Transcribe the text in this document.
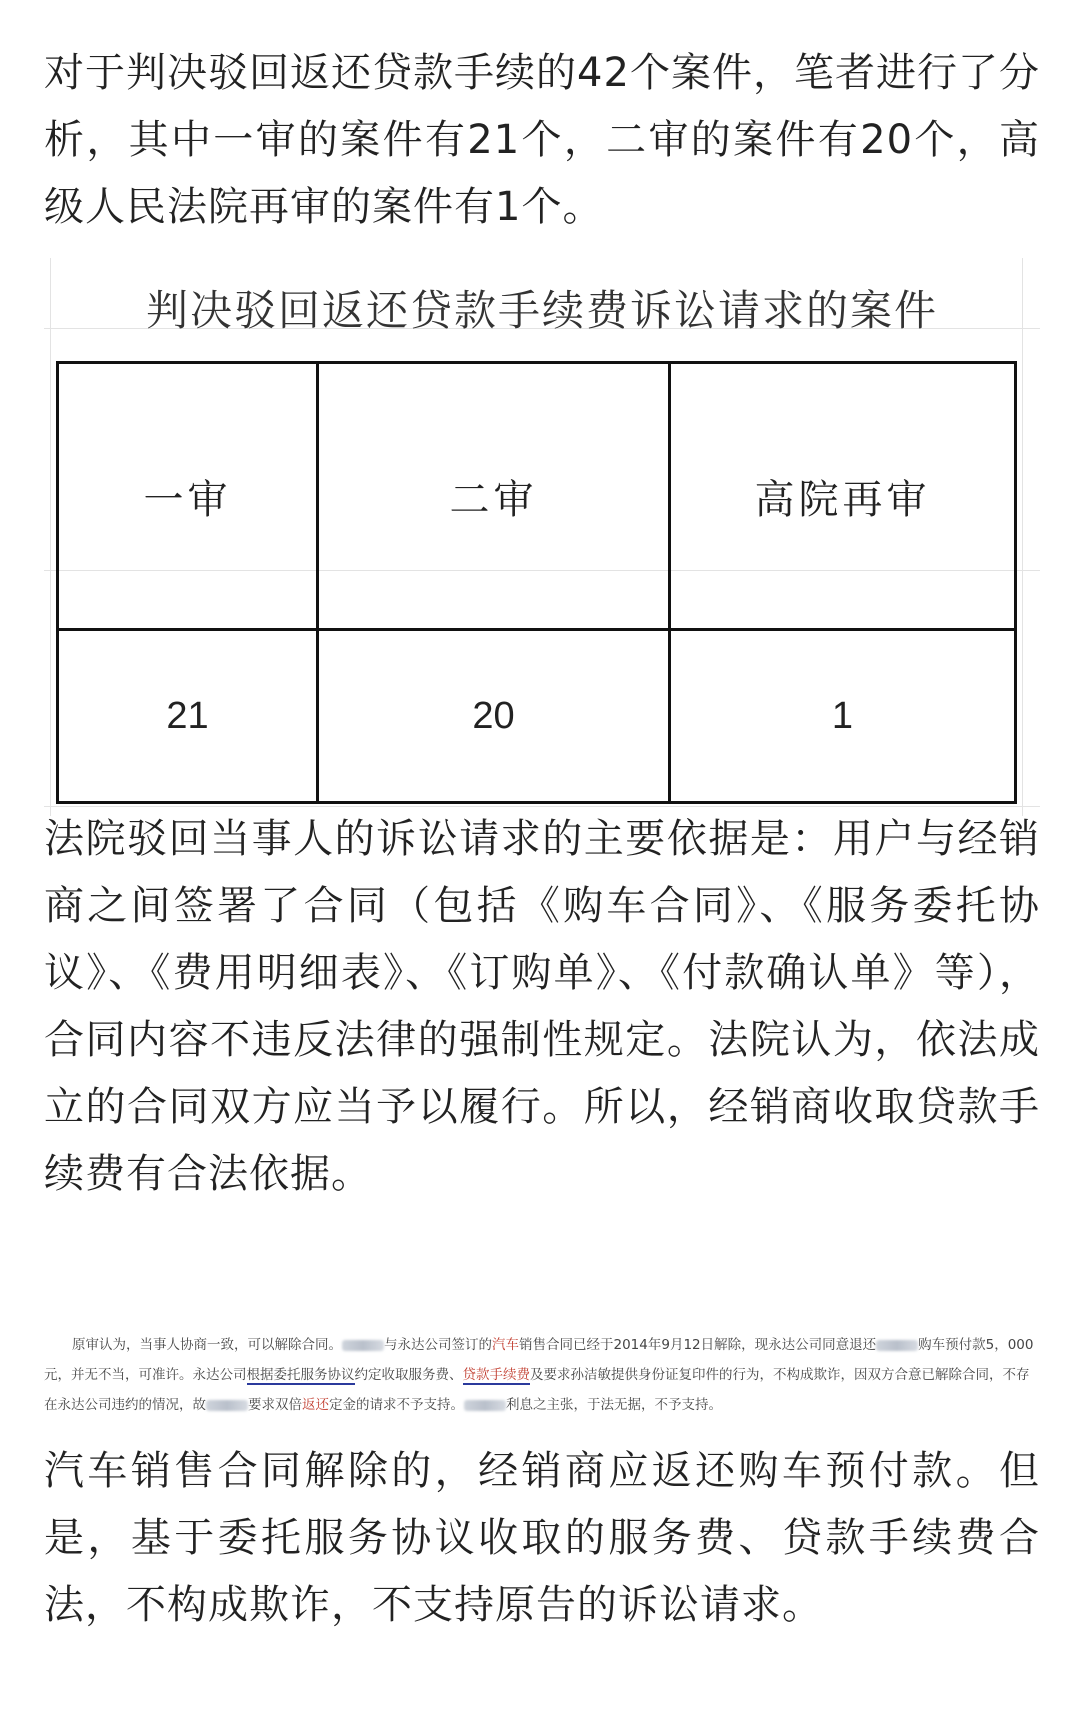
对于判决驳回返还贷款手续的42个案件，笔者进行了分析，其中一审的案件有21个，二审的案件有20个，高级人民法院再审的案件有1个。

判决驳回返还贷款手续费诉讼请求的案件
一审	二审	高院再审
21	20	1

法院驳回当事人的诉讼请求的主要依据是：用户与经销商之间签署了合同（包括《购车合同》、《服务委托协议》、《费用明细表》、《订购单》、《付款确认单》等），合同内容不违反法律的强制性规定。法院认为，依法成立的合同双方应当予以履行。所以，经销商收取贷款手续费有合法依据。

原审认为，当事人协商一致，可以解除合同。	与永达公司签订的汽车销售合同已经于2014年9月12日解除，现永达公司同意退还	购车预付款5，000元，并无不当，可准许。永达公司根据委托服务协议约定收取服务费、贷款手续费及要求孙洁敏提供身份证复印件的行为，不构成欺诈，因双方合意已解除合同，不存在永达公司违约的情况，故	要求双倍返还定金的请求不予支持。	利息之主张，于法无据，不予支持。

汽车销售合同解除的，经销商应返还购车预付款。但是，基于委托服务协议收取的服务费、贷款手续费合法，不构成欺诈，不支持原告的诉讼请求。
